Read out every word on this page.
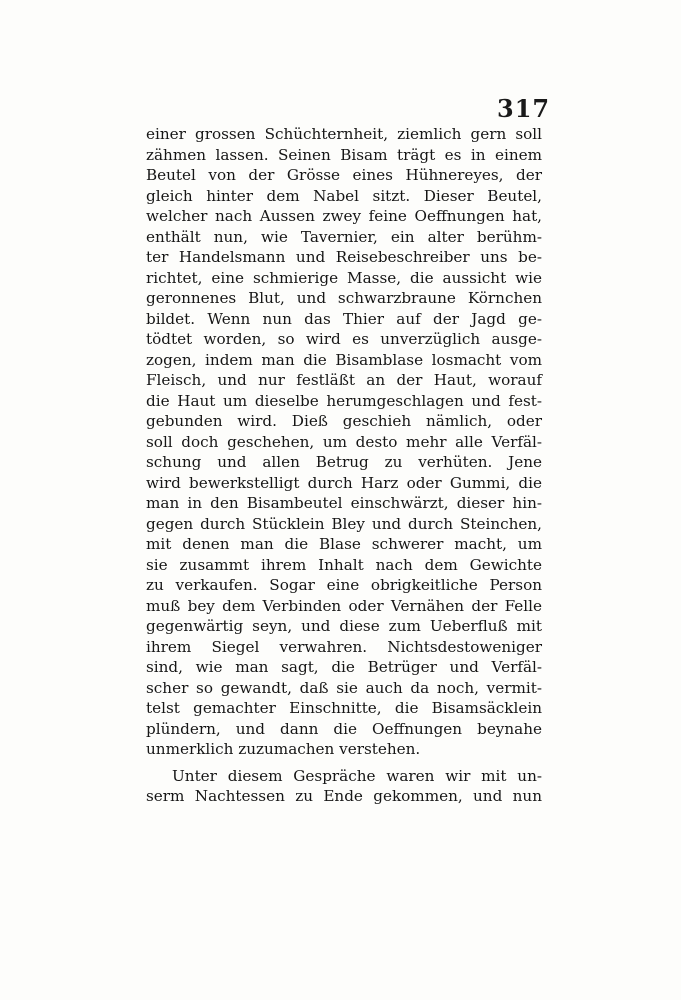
317
einer grossen Schüchternheit, ziemlich gern soll
zähmen lassen. Seinen Bisam trägt es in einem
Beutel von der Grösse eines Hühnereyes, der
gleich hinter dem Nabel sitzt. Dieser Beutel,
welcher nach Aussen zwey feine Oeffnungen hat,
enthält nun, wie Tavernier, ein alter berühm-
ter Handelsmann und Reisebeschreiber uns be-
richtet, eine schmierige Masse, die aussicht wie
geronnenes Blut, und schwarzbraune Körnchen
bildet. Wenn nun das Thier auf der Jagd ge-
tödtet worden, so wird es unverzüglich ausge-
zogen, indem man die Bisamblase losmacht vom
Fleisch, und nur festläßt an der Haut, worauf
die Haut um dieselbe herumgeschlagen und fest-
gebunden wird. Dieß geschieh nämlich, oder
soll doch geschehen, um desto mehr alle Verfäl-
schung und allen Betrug zu verhüten. Jene
wird bewerkstelligt durch Harz oder Gummi, die
man in den Bisambeutel einschwärzt, dieser hin-
gegen durch Stücklein Bley und durch Steinchen,
mit denen man die Blase schwerer macht, um
sie zusammt ihrem Inhalt nach dem Gewichte
zu verkaufen. Sogar eine obrigkeitliche Person
muß bey dem Verbinden oder Vernähen der Felle
gegenwärtig seyn, und diese zum Ueberfluß mit
ihrem Siegel verwahren. Nichtsdestoweniger
sind, wie man sagt, die Betrüger und Verfäl-
scher so gewandt, daß sie auch da noch, vermit-
telst gemachter Einschnitte, die Bisamsäcklein
plündern, und dann die Oeffnungen beynahe
unmerklich zuzumachen verstehen.
Unter diesem Gespräche waren wir mit un-
serm Nachtessen zu Ende gekommen, und nun
